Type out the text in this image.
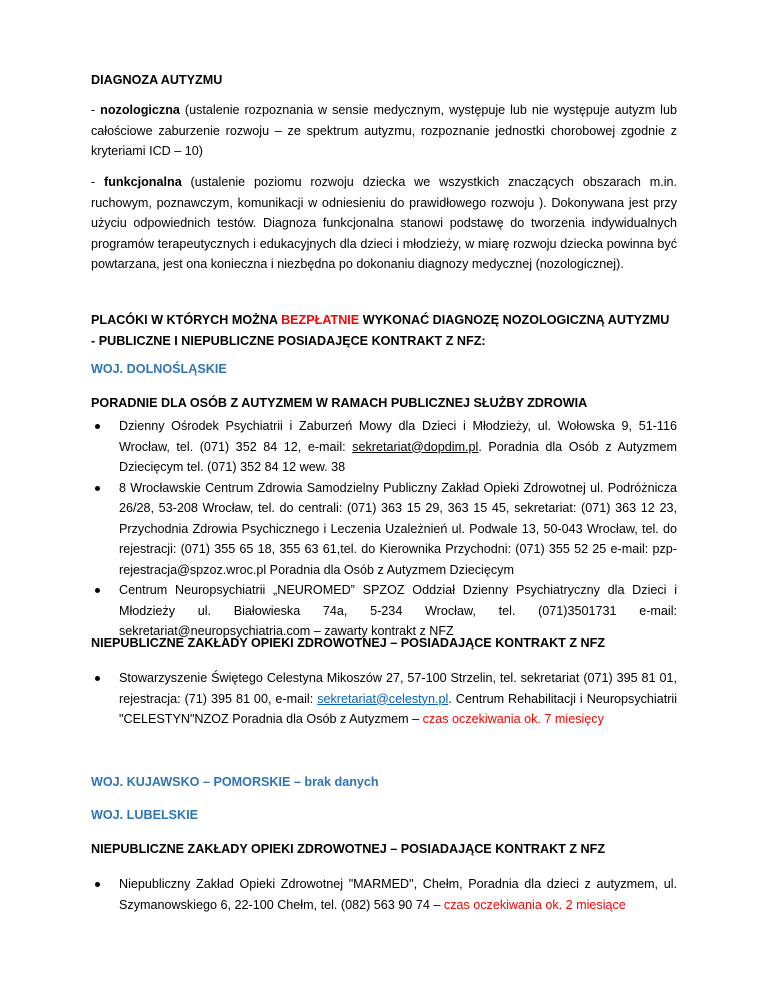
DIAGNOZA AUTYZMU

- nozologiczna (ustalenie rozpoznania w sensie medycznym, występuje lub nie występuje autyzm lub całościowe zaburzenie rozwoju – ze spektrum autyzmu, rozpoznanie jednostki chorobowej zgodnie z kryteriami ICD – 10)

- funkcjonalna (ustalenie poziomu rozwoju dziecka we wszystkich znaczących obszarach m.in. ruchowym, poznawczym, komunikacji w odniesieniu do prawidłowego rozwoju ). Dokonywana jest przy użyciu odpowiednich testów. Diagnoza funkcjonalna stanowi podstawę do tworzenia indywidualnych programów terapeutycznych i edukacyjnych dla dzieci i młodzieży, w miarę rozwoju dziecka powinna być powtarzana, jest ona konieczna i niezbędna po dokonaniu diagnozy medycznej (nozologicznej).

PLACÓKI W KTÓRYCH MOŻNA BEZPŁATNIE WYKONAĆ DIAGNOZĘ NOZOLOGICZNĄ AUTYZMU - PUBLICZNE I NIEPUBLICZNE POSIADAJĘCE KONTRAKT Z NFZ:

WOJ. DOLNOŚLĄSKIE

PORADNIE DLA OSÓB Z AUTYZMEM W RAMACH PUBLICZNEJ SŁUŻBY ZDROWIA

Dzienny Ośrodek Psychiatrii i Zaburzeń Mowy dla Dzieci i Młodzieży, ul. Wołowska 9, 51-116 Wrocław, tel. (071) 352 84 12, e-mail: sekretariat@dopdim.pl. Poradnia dla Osób z Autyzmem Dziecięcym tel. (071) 352 84 12 wew. 38
8 Wrocławskie Centrum Zdrowia Samodzielny Publiczny Zakład Opieki Zdrowotnej ul. Podróżnicza 26/28, 53-208 Wrocław, tel. do centrali: (071) 363 15 29, 363 15 45, sekretariat: (071) 363 12 23, Przychodnia Zdrowia Psychicznego i Leczenia Uzależnień ul. Podwale 13, 50-043 Wrocław, tel. do rejestracji: (071) 355 65 18, 355 63 61,tel. do Kierownika Przychodni: (071) 355 52 25 e-mail: pzp-rejestracja@spzoz.wroc.pl Poradnia dla Osób z Autyzmem Dziecięcym
Centrum Neuropsychiatrii „NEUROMED” SPZOZ Oddział Dzienny Psychiatryczny dla Dzieci i Młodzieży ul. Białowieska 74a, 5-234 Wrocław, tel. (071)3501731 e-mail: sekretariat@neuropsychiatria.com – zawarty kontrakt z NFZ

NIEPUBLICZNE ZAKŁADY OPIEKI ZDROWOTNEJ – POSIADAJĄCE KONTRAKT Z NFZ

Stowarzyszenie Świętego Celestyna Mikoszów 27, 57-100 Strzelin, tel. sekretariat (071) 395 81 01, rejestracja: (71) 395 81 00, e-mail: sekretariat@celestyn.pl. Centrum Rehabilitacji i Neuropsychiatrii "CELESTYN"NZOZ Poradnia dla Osób z Autyzmem – czas oczekiwania ok. 7 miesięcy

WOJ. KUJAWSKO – POMORSKIE – brak danych

WOJ. LUBELSKIE

NIEPUBLICZNE ZAKŁADY OPIEKI ZDROWOTNEJ – POSIADAJĄCE KONTRAKT Z NFZ

Niepubliczny Zakład Opieki Zdrowotnej "MARMED", Chełm, Poradnia dla dzieci z autyzmem, ul. Szymanowskiego 6, 22-100 Chełm, tel. (082) 563 90 74 – czas oczekiwania ok. 2 miesiące
